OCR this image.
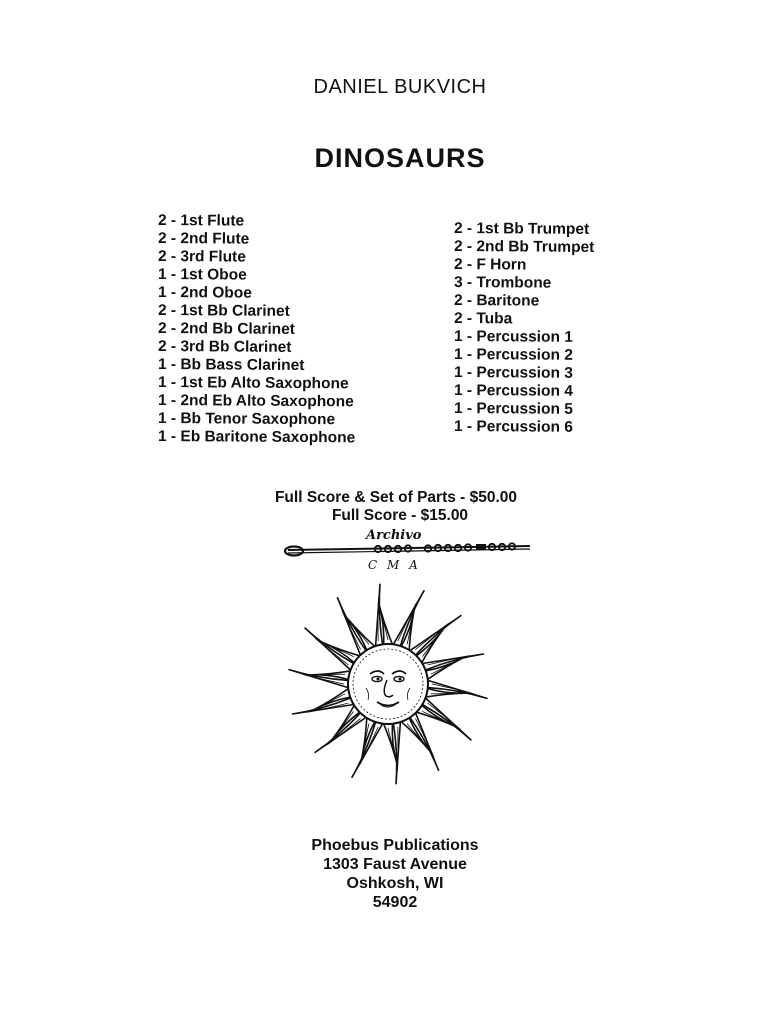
DANIEL BUKVICH
DINOSAURS
2 - 1st Flute
2 - 2nd Flute
2 - 3rd Flute
1 - 1st Oboe
1 - 2nd Oboe
2 - 1st Bb Clarinet
2 - 2nd Bb Clarinet
2 - 3rd Bb Clarinet
1 - Bb Bass Clarinet
1 - 1st Eb Alto Saxophone
1 - 2nd Eb Alto Saxophone
1 - Bb Tenor Saxophone
1 - Eb Baritone Saxophone
2 - 1st Bb Trumpet
2 - 2nd Bb Trumpet
2 - F Horn
3 - Trombone
2 - Baritone
2 - Tuba
1 - Percussion 1
1 - Percussion 2
1 - Percussion 3
1 - Percussion 4
1 - Percussion 5
1 - Percussion 6
Full Score & Set of Parts - $50.00
Full Score - $15.00
Archivo
C M A
Phoebus Publications
1303 Faust Avenue
Oshkosh, WI
54902
